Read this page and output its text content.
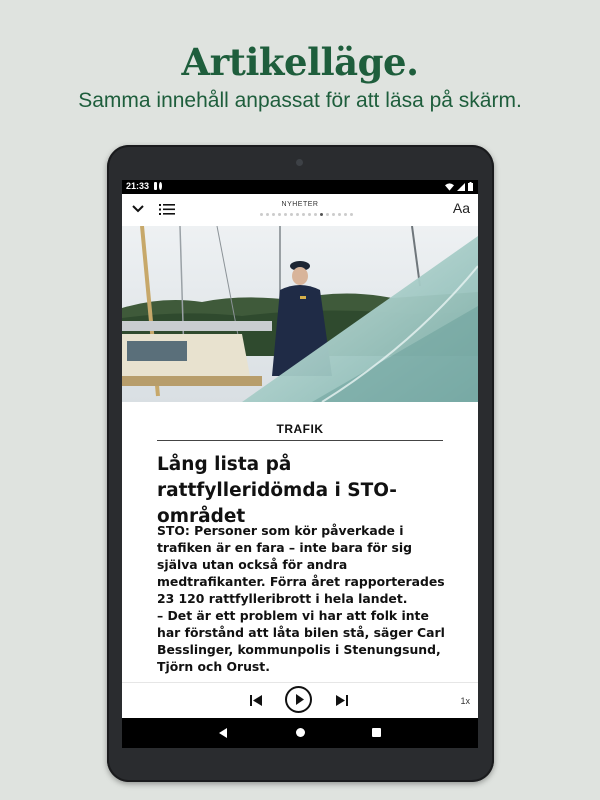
Artikelläge.
Samma innehåll anpassat för att läsa på skärm.
21:33
NYHETER	Aa
TRAFIK
Lång lista på rattfylleridömda i STO-området
STO: Personer som kör påverkade i trafiken är en fara – inte bara för sig själva utan också för andra medtrafikanter. Förra året rapporterades 23 120 rattfylleribrott i hela landet.
– Det är ett problem vi har att folk inte har förstånd att låta bilen stå, säger Carl Besslinger, kommunpolis i Stenungsund, Tjörn och Orust.
1x
